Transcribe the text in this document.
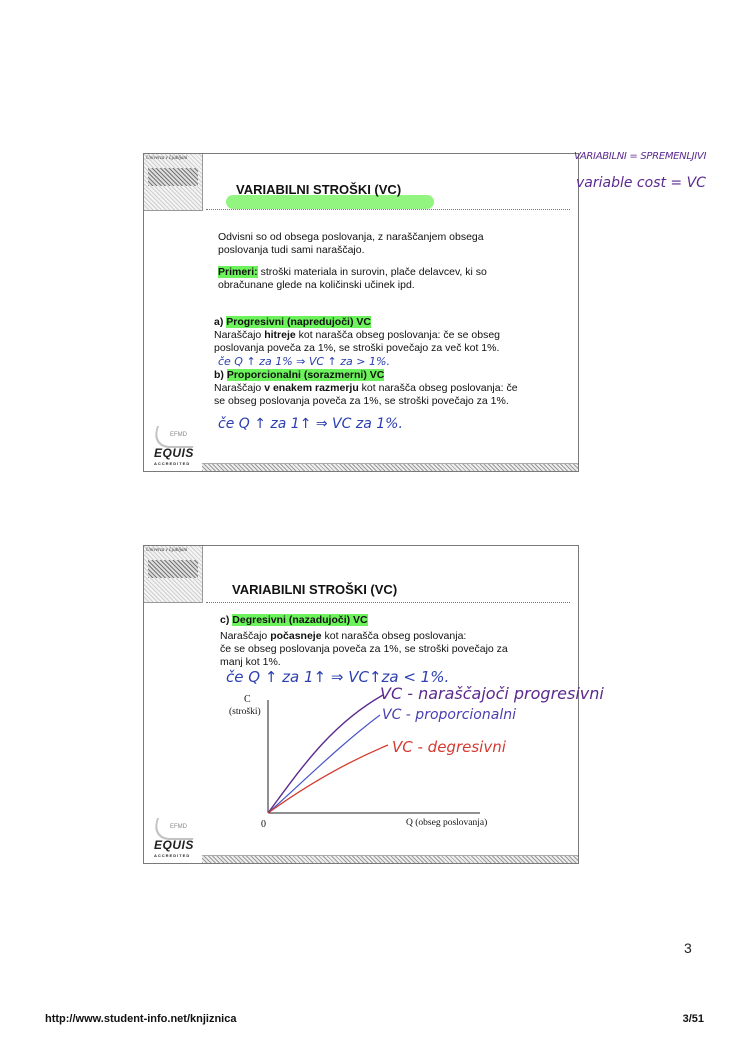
Univerza v Ljubljani
VARIABILNI STROŠKI (VC)
Odvisni so od obsega poslovanja, z naraščanjem obsega
poslovanja tudi sami naraščajo.
Primeri: stroški materiala in surovin, plače delavcev, ki so
obračunane glede na količinski učinek ipd.
a) Progresivni (napredujoči) VC
Naraščajo hitreje kot narašča obseg poslovanja: če se obseg
poslovanja poveča za 1%, se stroški povečajo za več kot 1%.
če Q ↑ za 1% ⇒ VC ↑ za > 1%.
b) Proporcionalni (sorazmerni) VC
Naraščajo v enakem razmerju kot narašča obseg poslovanja: če
se obseg poslovanja poveča za 1%, se stroški povečajo za 1%.
če Q ↑ za 1↑ ⇒ VC za 1%.
EFMD
EQUIS
ACCREDITED
VARIABILNI = SPREMENLJIVI
variable cost = VC
Univerza v Ljubljani
VARIABILNI STROŠKI (VC)
c) Degresivni (nazadujoči) VC
Naraščajo počasneje kot narašča obseg poslovanja:
če se obseg poslovanja poveča za 1%, se stroški povečajo za
manj kot 1%.
če Q ↑ za 1↑ ⇒ VC↑za < 1%.
EFMD
EQUIS
ACCREDITED
C
(stroški)
Q (obseg poslovanja)
0
VC - naraščajoči progresivni
VC - proporcionalni
VC - degresivni
3
http://www.student-info.net/knjiznica	3/51
